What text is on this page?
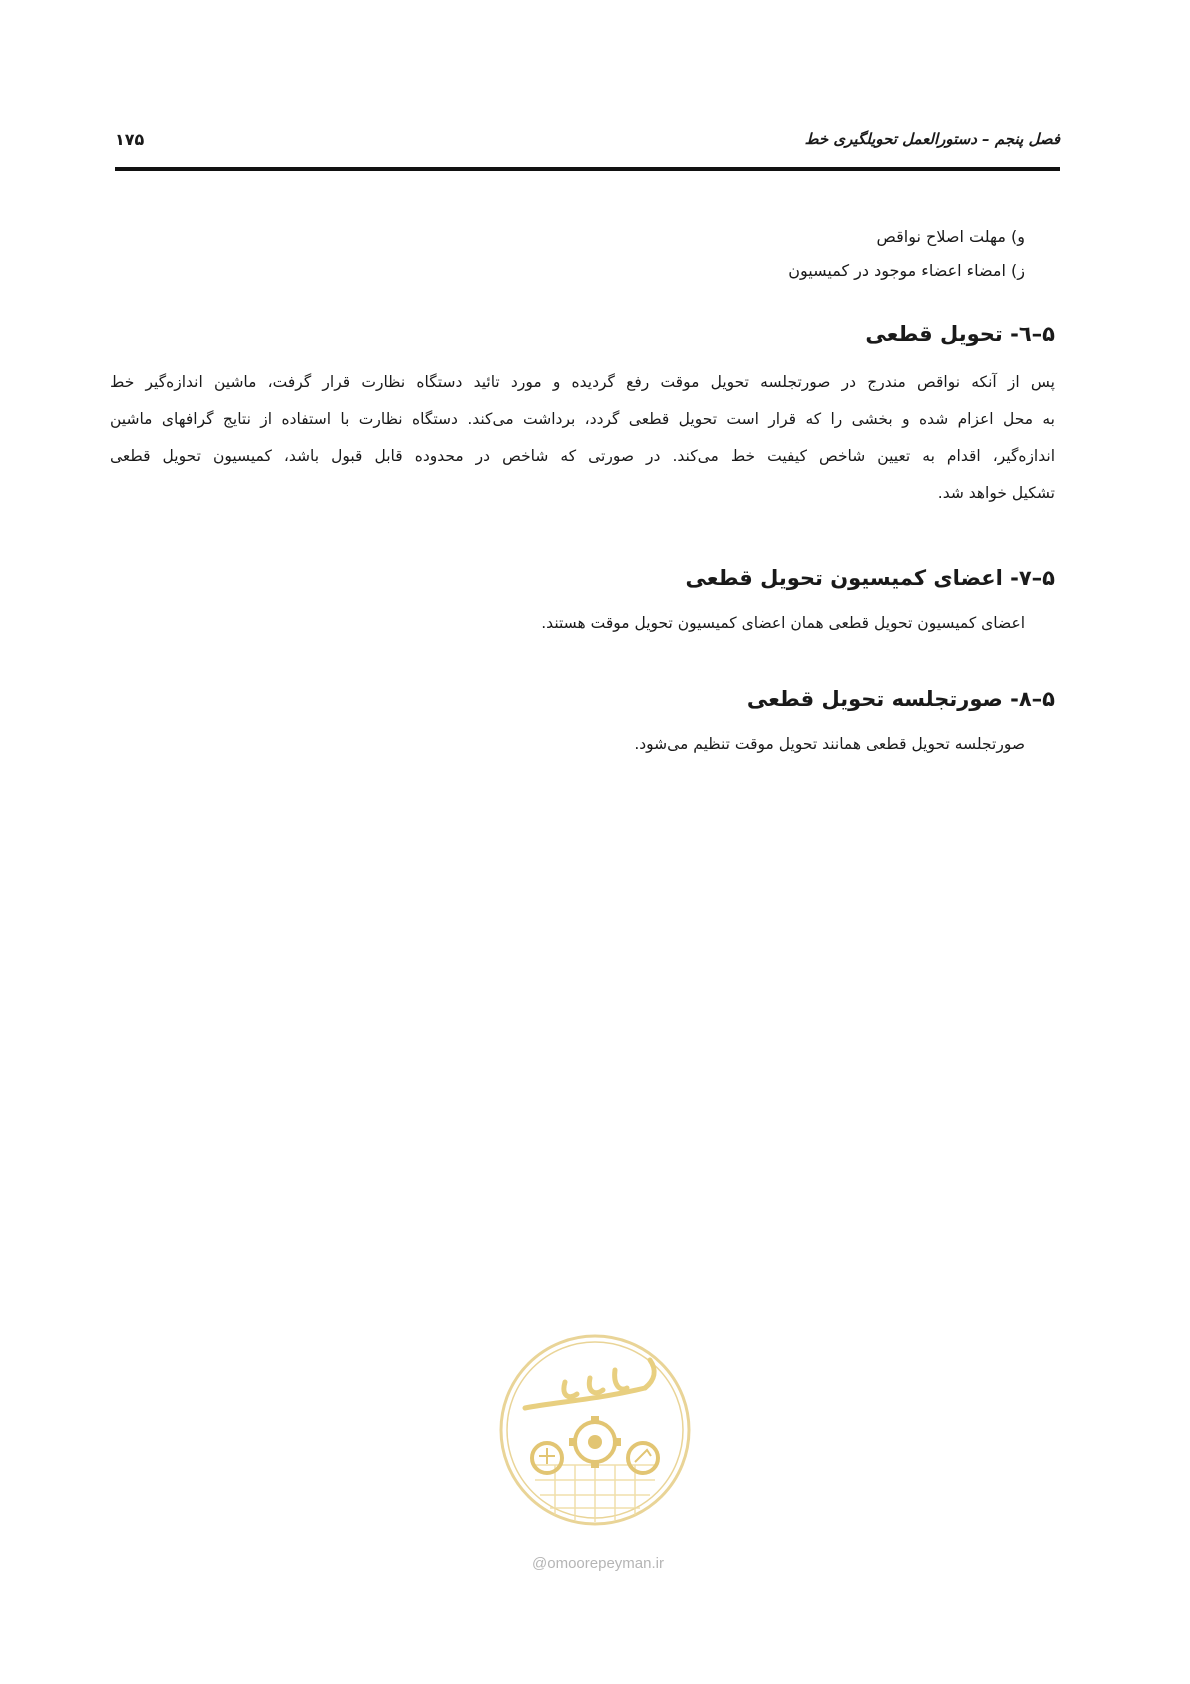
فصل پنجم – دستورالعمل تحویلگیری خط
۱۷۵
و) مهلت اصلاح نواقص
ز) امضاء اعضاء موجود در کمیسیون
۵–٦- تحویل قطعی
پس از آنکه نواقص مندرج در صورتجلسه تحویل موقت رفع گردیده و مورد تائید دستگاه نظارت قرار گرفت، ماشین اندازه‌گیر خط
به محل اعزام شده و بخشی را که قرار است تحویل قطعی گردد، برداشت می‌کند. دستگاه نظارت با استفاده از نتایج گرافهای ماشین
اندازه‌گیر، اقدام به تعیین شاخص کیفیت خط می‌کند. در صورتی که شاخص در محدوده قابل قبول باشد، کمیسیون تحویل قطعی
تشکیل خواهد شد.
۵–۷- اعضای کمیسیون تحویل قطعی
اعضای کمیسیون تحویل قطعی همان اعضای کمیسیون تحویل موقت هستند.
۵–۸- صورتجلسه تحویل قطعی
صورتجلسه تحویل قطعی همانند تحویل موقت تنظیم می‌شود.
@omoorepeyman.ir
